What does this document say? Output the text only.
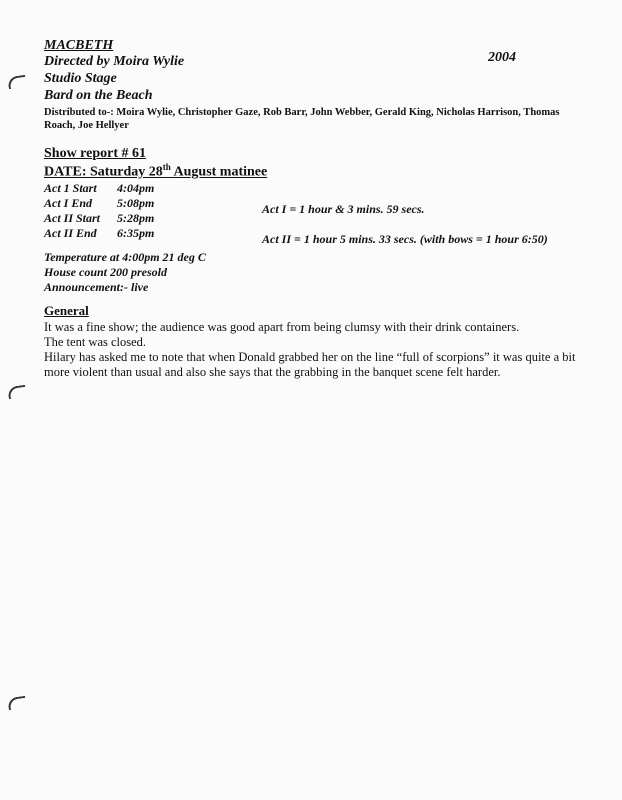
MACBETH
2004
Directed by Moira Wylie
Studio Stage
Bard on the Beach
Distributed to-: Moira Wylie, Christopher Gaze, Rob Barr, John Webber, Gerald King, Nicholas Harrison, Thomas
Roach, Joe Hellyer
Show report # 61
DATE: Saturday 28th August matinee
Act 1 Start 4:04pm
Act I End 5:08pm
Act II Start 5:28pm
Act II End 6:35pm
Act I = 1 hour & 3 mins. 59 secs.
Act II = 1 hour 5 mins. 33 secs. (with bows = 1 hour 6:50)
Temperature at 4:00pm 21 deg C
House count 200 presold
Announcement:- live
General
It was a fine show; the audience was good apart from being clumsy with their drink containers.
The tent was closed.
Hilary has asked me to note that when Donald grabbed her on the line “full of scorpions” it was quite a bit
more violent than usual and also she says that the grabbing in the banquet scene felt harder.
